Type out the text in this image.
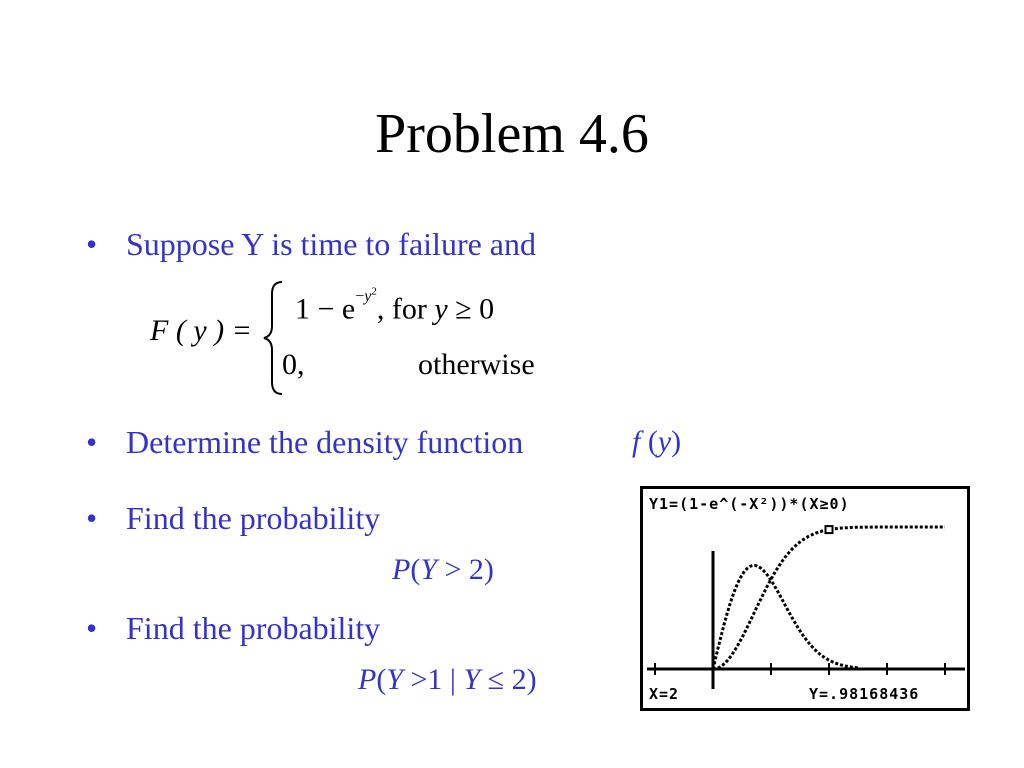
Problem 4.6
• Suppose Y is time to failure and
F ( y ) =
$1 - e^{-y^2}$, for y ≥ 0
0,	otherwise
• Determine the density function	f (y)
• Find the probability
P(Y > 2)
• Find the probability
P(Y >1 | Y ≤ 2)
Y1=(1-e^(-X²))*(X≥0)
X=2	Y=.98168436
